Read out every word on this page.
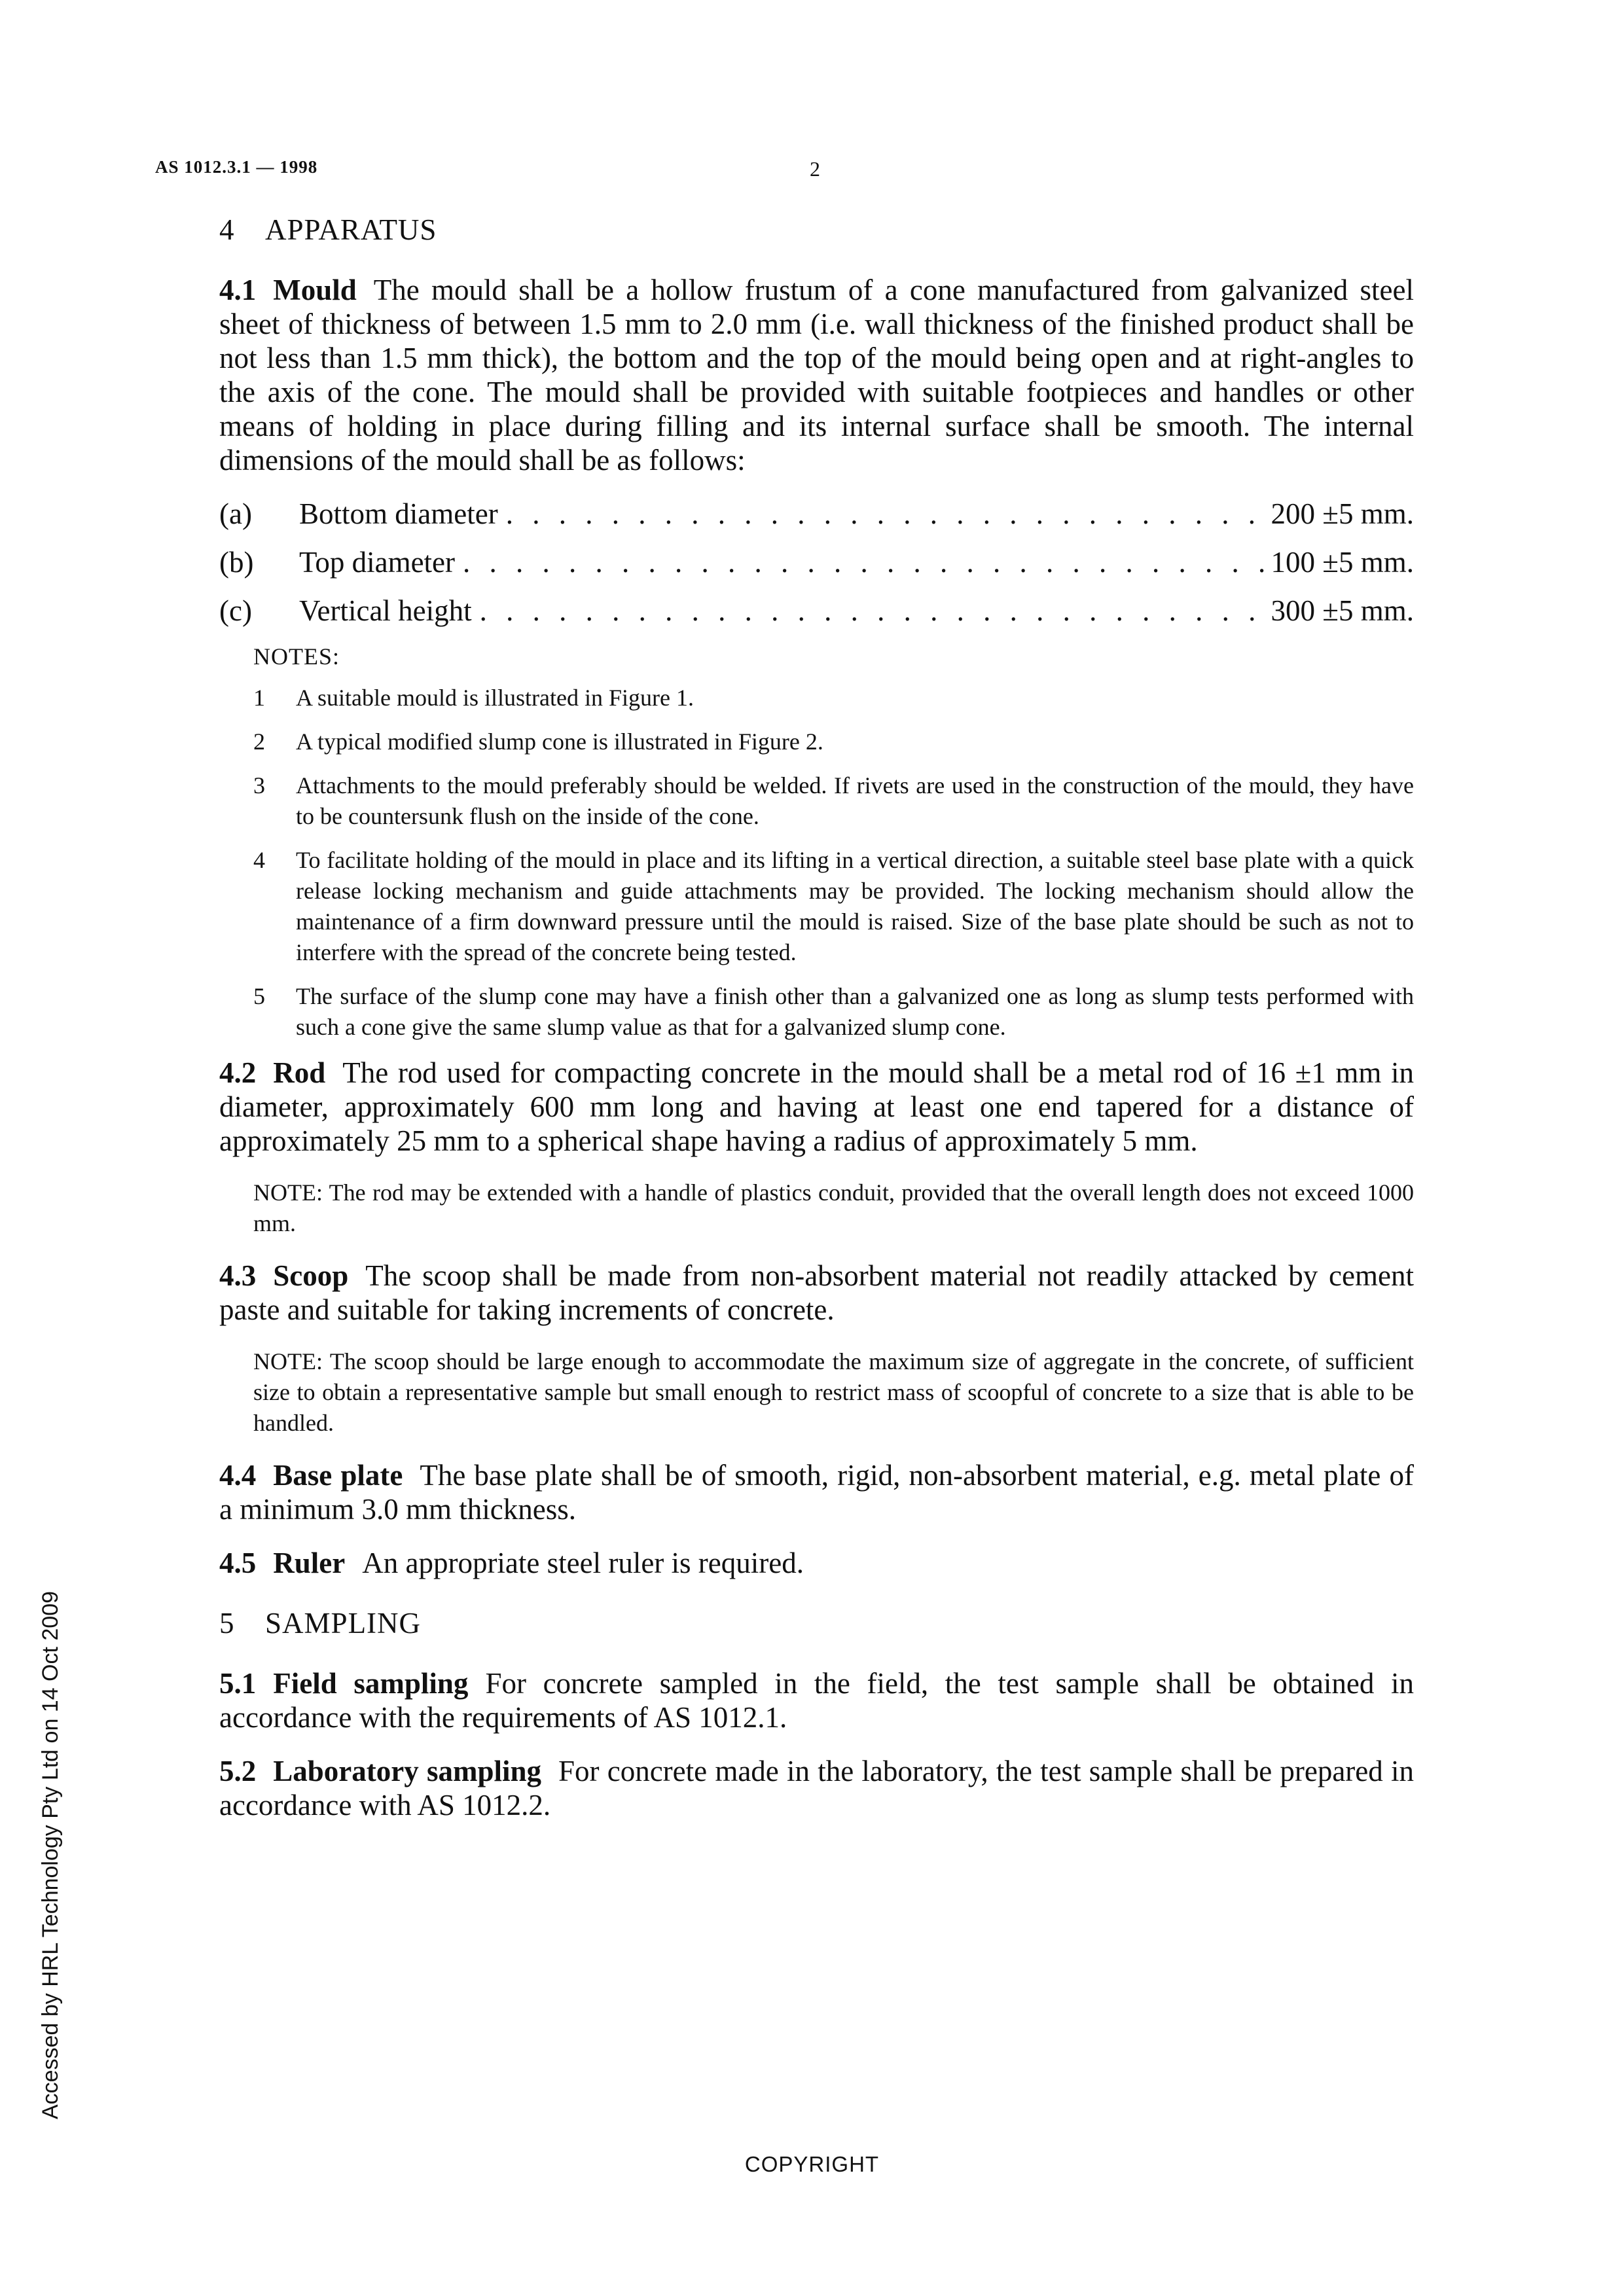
AS 1012.3.1 — 1998	2
4 APPARATUS

4.1 Mould The mould shall be a hollow frustum of a cone manufactured from galvanized steel sheet of thickness of between 1.5 mm to 2.0 mm (i.e. wall thickness of the finished product shall be not less than 1.5 mm thick), the bottom and the top of the mould being open and at right-angles to the axis of the cone. The mould shall be provided with suitable footpieces and handles or other means of holding in place during filling and its internal surface shall be smooth. The internal dimensions of the mould shall be as follows:

(a)	Bottom diameter . . .	200 ±5 mm.
(b)	Top diameter . . .	100 ±5 mm.
(c)	Vertical height . . .	300 ±5 mm.
NOTES:
1	A suitable mould is illustrated in Figure 1.
2	A typical modified slump cone is illustrated in Figure 2.
3	Attachments to the mould preferably should be welded. If rivets are used in the construction of the mould, they have to be countersunk flush on the inside of the cone.
4	To facilitate holding of the mould in place and its lifting in a vertical direction, a suitable steel base plate with a quick release locking mechanism and guide attachments may be provided. The locking mechanism should allow the maintenance of a firm downward pressure until the mould is raised. Size of the base plate should be such as not to interfere with the spread of the concrete being tested.
5	The surface of the slump cone may have a finish other than a galvanized one as long as slump tests performed with such a cone give the same slump value as that for a galvanized slump cone.

4.2 Rod The rod used for compacting concrete in the mould shall be a metal rod of 16 ±1 mm in diameter, approximately 600 mm long and having at least one end tapered for a distance of approximately 25 mm to a spherical shape having a radius of approximately 5 mm.

NOTE: The rod may be extended with a handle of plastics conduit, provided that the overall length does not exceed 1000 mm.

4.3 Scoop The scoop shall be made from non-absorbent material not readily attacked by cement paste and suitable for taking increments of concrete.

NOTE: The scoop should be large enough to accommodate the maximum size of aggregate in the concrete, of sufficient size to obtain a representative sample but small enough to restrict mass of scoopful of concrete to a size that is able to be handled.

4.4 Base plate The base plate shall be of smooth, rigid, non-absorbent material, e.g. metal plate of a minimum 3.0 mm thickness.

4.5 Ruler An appropriate steel ruler is required.

5 SAMPLING

5.1 Field sampling For concrete sampled in the field, the test sample shall be obtained in accordance with the requirements of AS 1012.1.

5.2 Laboratory sampling For concrete made in the laboratory, the test sample shall be prepared in accordance with AS 1012.2.

Accessed by HRL Technology Pty Ltd on 14 Oct 2009
COPYRIGHT
